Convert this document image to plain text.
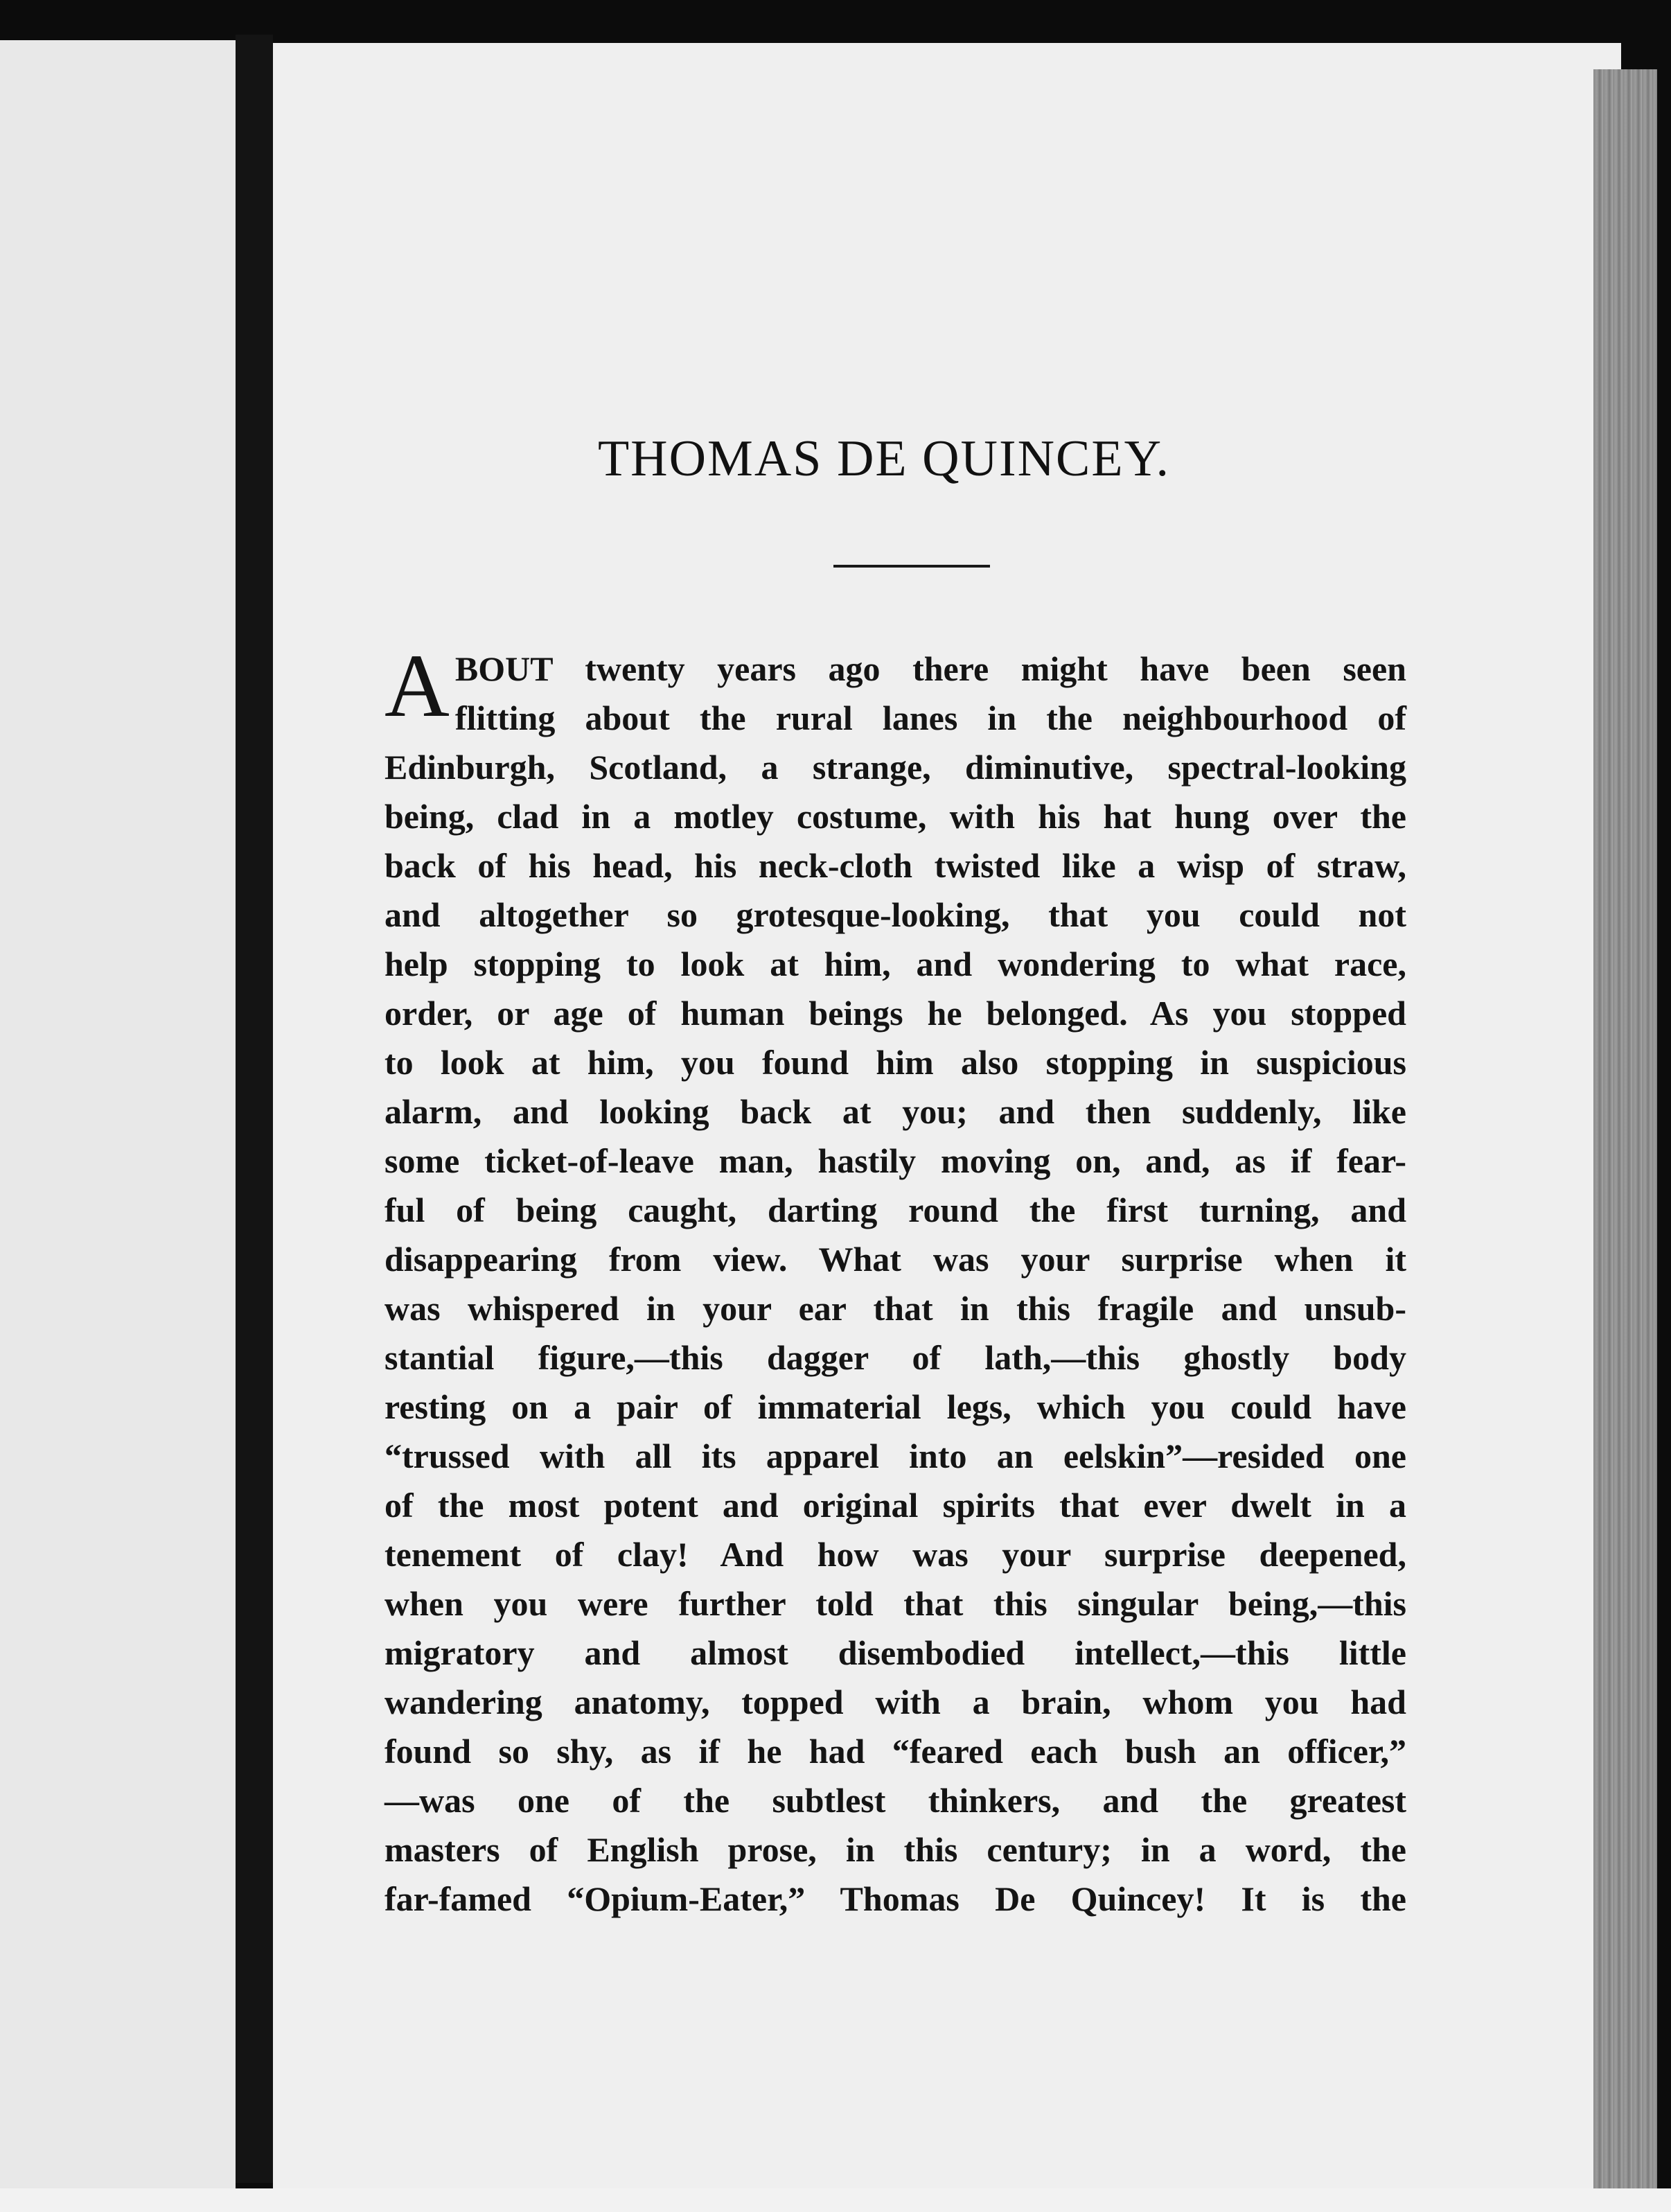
THOMAS DE QUINCEY.
A BOUT twenty years ago there might have been seen
flitting about the rural lanes in the neighbourhood of
Edinburgh, Scotland, a strange, diminutive, spectral-looking
being, clad in a motley costume, with his hat hung over the
back of his head, his neck-cloth twisted like a wisp of straw,
and altogether so grotesque-looking, that you could not
help stopping to look at him, and wondering to what race,
order, or age of human beings he belonged. As you stopped
to look at him, you found him also stopping in suspicious
alarm, and looking back at you; and then suddenly, like
some ticket-of-leave man, hastily moving on, and, as if fear-
ful of being caught, darting round the first turning, and
disappearing from view. What was your surprise when it
was whispered in your ear that in this fragile and unsub-
stantial figure,—this dagger of lath,—this ghostly body
resting on a pair of immaterial legs, which you could have
“trussed with all its apparel into an eelskin”—resided one
of the most potent and original spirits that ever dwelt in a
tenement of clay! And how was your surprise deepened,
when you were further told that this singular being,—this
migratory and almost disembodied intellect,—this little
wandering anatomy, topped with a brain, whom you had
found so shy, as if he had “feared each bush an officer,”
—was one of the subtlest thinkers, and the greatest
masters of English prose, in this century; in a word, the
far-famed “Opium-Eater,” Thomas De Quincey! It is the
